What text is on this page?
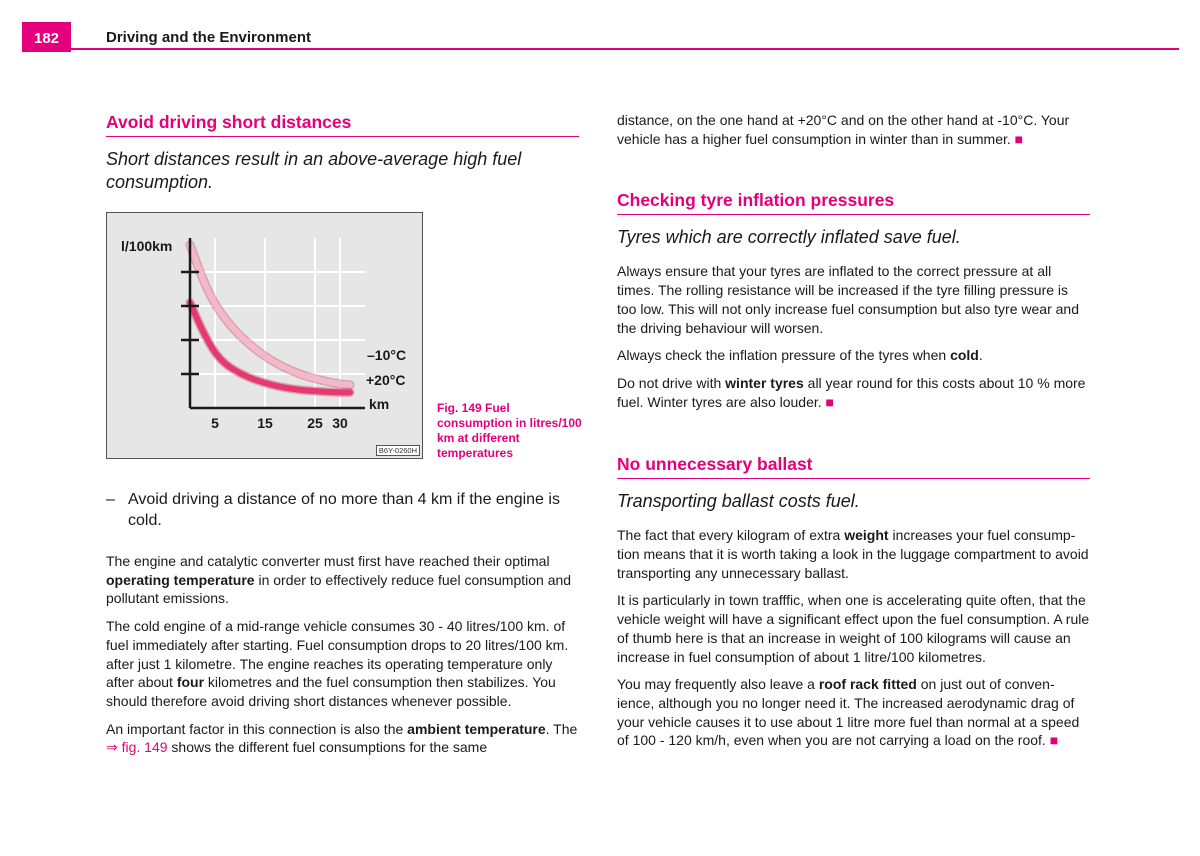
182	Driving and the Environment
Avoid driving short distances

Short distances result in an above-average high fuel consumption.

l/100km
–10°C
+20°C
km
5	15 25 30
B6Y-0260H
Fig. 149 Fuel consumption in litres/100 km at different temperatures
– Avoid driving a distance of no more than 4 km if the engine is cold.

The engine and catalytic converter must first have reached their optimal operating temperature in order to effectively reduce fuel consumption and pollutant emissions.

The cold engine of a mid-range vehicle consumes 30 - 40 litres/100 km. of fuel immediately after starting. Fuel consumption drops to 20 litres/100 km. after just 1 kilometre. The engine reaches its operating temperature only after about four kilometres and the fuel consumption then stabilizes. You should therefore avoid driving short distances whenever possible.

An important factor in this connection is also the ambient temperature. The ⇒ fig. 149 shows the different fuel consumptions for the same

distance, on the one hand at +20°C and on the other hand at -10°C. Your vehicle has a higher fuel consumption in winter than in summer. ■

Checking tyre inflation pressures

Tyres which are correctly inflated save fuel.

Always ensure that your tyres are inflated to the correct pressure at all times. The rolling resistance will be increased if the tyre filling pressure is too low. This will not only increase fuel consumption but also tyre wear and the driving behaviour will worsen.

Always check the inflation pressure of the tyres when cold.

Do not drive with winter tyres all year round for this costs about 10 % more fuel. Winter tyres are also louder. ■

No unnecessary ballast

Transporting ballast costs fuel.

The fact that every kilogram of extra weight increases your fuel consump-tion means that it is worth taking a look in the luggage compartment to avoid transporting any unnecessary ballast.

It is particularly in town trafffic, when one is accelerating quite often, that the vehicle weight will have a significant effect upon the fuel consumption. A rule of thumb here is that an increase in weight of 100 kilograms will cause an increase in fuel consumption of about 1 litre/100 kilometres.

You may frequently also leave a roof rack fitted on just out of conven-ience, although you no longer need it. The increased aerodynamic drag of your vehicle causes it to use about 1 litre more fuel than normal at a speed of 100 - 120 km/h, even when you are not carrying a load on the roof. ■
